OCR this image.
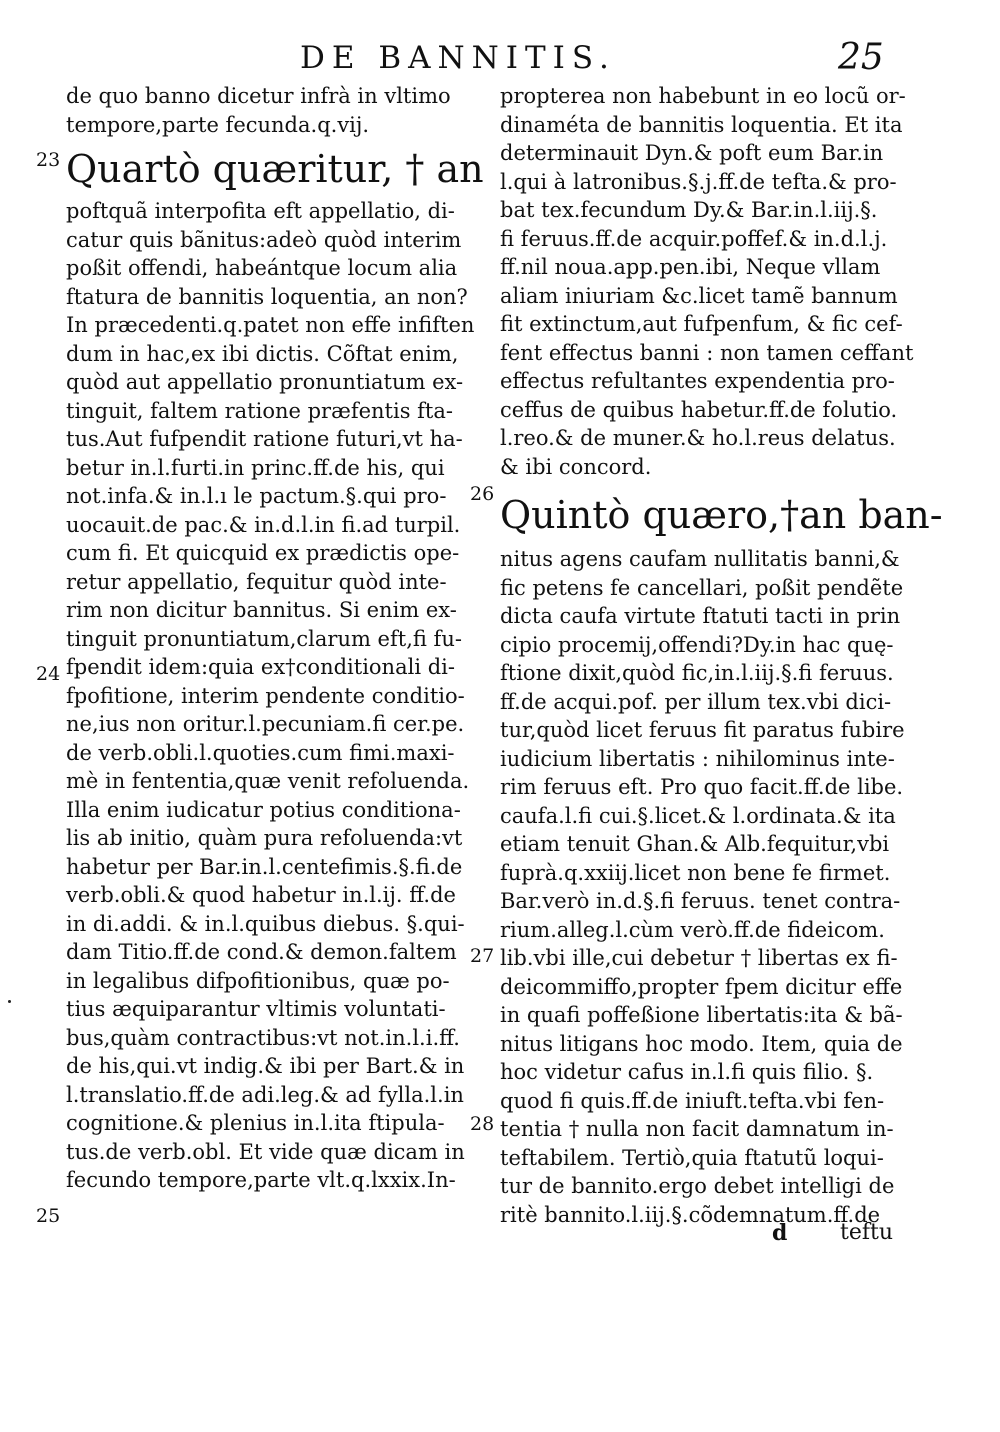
DE BANNITIS.	25
de quo banno dicetur infrà in vltimo
tempore,parte fecunda.q.vij.
Quartò quæritur, † an
poftquã interpofita eft appellatio, di-
catur quis bãnitus:adeò quòd interim
poßit offendi, habeántque locum alia
ftatura de bannitis loquentia, an non?
In præcedenti.q.patet non effe infiften
dum in hac,ex ibi dictis. Cõftat enim,
quòd aut appellatio pronuntiatum ex-
tinguit, faltem ratione præfentis fta-
tus.Aut fufpendit ratione futuri,vt ha-
betur in.l.furti.in princ.ff.de his, qui
not.infa.& in.l.ı le pactum.§.qui pro-
uocauit.de pac.& in.d.l.in fi.ad turpil.
cum fi. Et quicquid ex prædictis ope-
retur appellatio, fequitur quòd inte-
rim non dicitur bannitus. Si enim ex-
tinguit pronuntiatum,clarum eft,fi fu-
fpendit idem:quia ex†conditionali di-
fpofitione, interim pendente conditio-
ne,ius non oritur.l.pecuniam.fi cer.pe.
de verb.obli.l.quoties.cum fimi.maxi-
mè in fententia,quæ venit refoluenda.
Illa enim iudicatur potius conditiona-
lis ab initio, quàm pura refoluenda:vt
habetur per Bar.in.l.centefimis.§.fi.de
verb.obli.& quod habetur in.l.ij. ff.de
in di.addi. & in.l.quibus diebus. §.qui-
dam Titio.ff.de cond.& demon.faltem
in legalibus difpofitionibus, quæ po-
tius æquiparantur vltimis voluntati-
bus,quàm contractibus:vt not.in.l.i.ff.
de his,qui.vt indig.& ibi per Bart.& in
l.translatio.ff.de adi.leg.& ad fylla.l.in
cognitione.& plenius in.l.ita ftipula-
tus.de verb.obl. Et vide quæ dicam in
fecundo tempore,parte vlt.q.lxxix.In-
propterea non habebunt in eo locũ or-
dinaméta de bannitis loquentia. Et ita
determinauit Dyn.& poft eum Bar.in
l.qui à latronibus.§.j.ff.de tefta.& pro-
bat tex.fecundum Dy.& Bar.in.l.iij.§.
fi feruus.ff.de acquir.poffef.& in.d.l.j.
ff.nil noua.app.pen.ibi, Neque vllam
aliam iniuriam &c.licet tamẽ bannum
fit extinctum,aut fufpenfum, & fic cef-
fent effectus banni : non tamen ceffant
effectus refultantes expendentia pro-
ceffus de quibus habetur.ff.de folutio.
l.reo.& de muner.& ho.l.reus delatus.
& ibi concord.
Quintò quæro,†an ban-
nitus agens caufam nullitatis banni,&
fic petens fe cancellari, poßit pendẽte
dicta caufa virtute ftatuti tacti in prin
cipio procemij,offendi?Dy.in hac quę-
ftione dixit,quòd fic,in.l.iij.§.fi feruus.
ff.de acqui.pof. per illum tex.vbi dici-
tur,quòd licet feruus fit paratus fubire
iudicium libertatis : nihilominus inte-
rim feruus eft. Pro quo facit.ff.de libe.
caufa.l.fi cui.§.licet.& l.ordinata.& ita
etiam tenuit Ghan.& Alb.fequitur,vbi
fuprà.q.xxiij.licet non bene fe firmet.
Bar.verò in.d.§.fi feruus. tenet contra-
rium.alleg.l.cùm verò.ff.de fideicom.
lib.vbi ille,cui debetur † libertas ex fi-
deicommiffo,propter fpem dicitur effe
in quafi poffeßione libertatis:ita & bã-
nitus litigans hoc modo. Item, quia de
hoc videtur cafus in.l.fi quis filio. §.
quod fi quis.ff.de iniuft.tefta.vbi fen-
tentia † nulla non facit damnatum in-
teftabilem. Tertiò,quia ftatutũ loqui-
tur de bannito.ergo debet intelligi de
ritè bannito.l.iij.§.cõdemnatum.ff.de
23
24
25
26
27
28
d teftu
